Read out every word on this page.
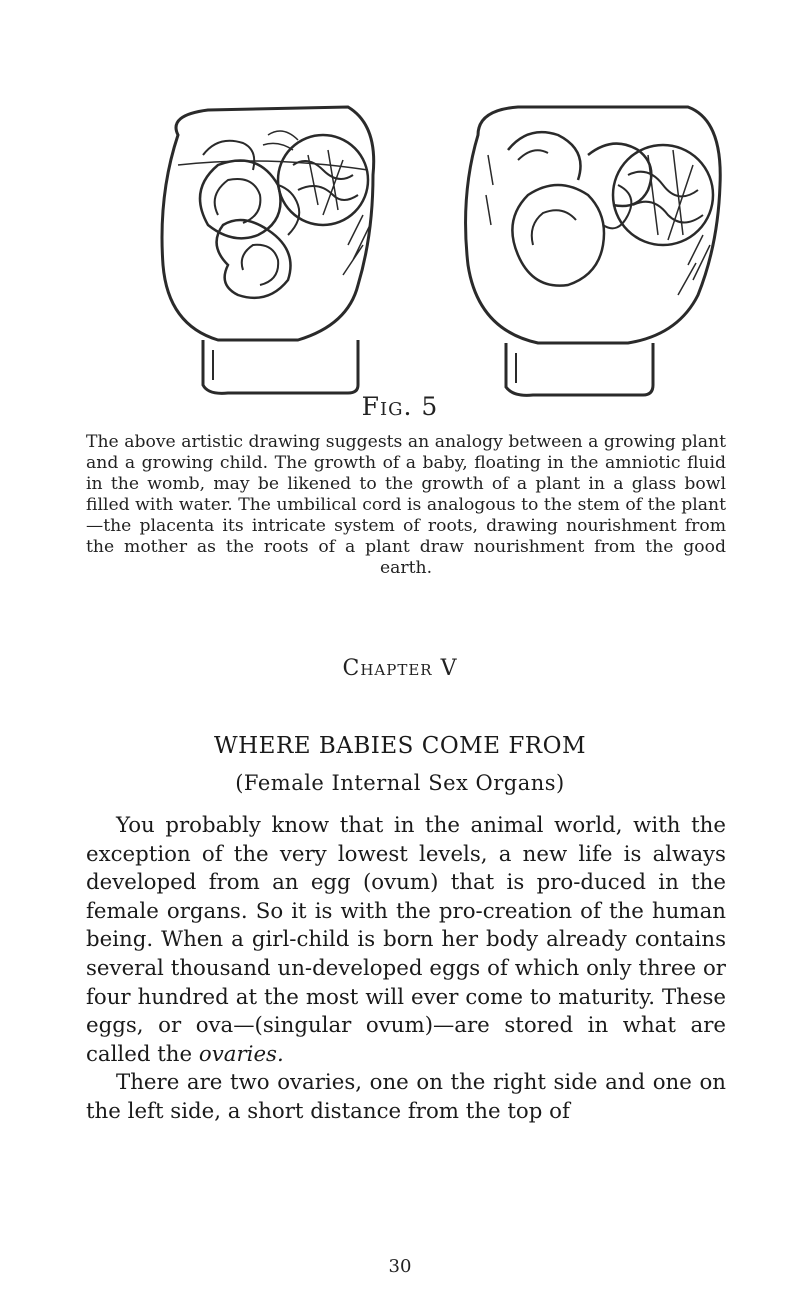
Fig. 5

The above artistic drawing suggests an analogy between a growing plant and a growing child. The growth of a baby, floating in the amniotic fluid in the womb, may be likened to the growth of a plant in a glass bowl filled with water. The umbilical cord is analogous to the stem of the plant—the placenta its intricate system of roots, drawing nourishment from the mother as the roots of a plant draw nourishment from the good earth.

Chapter V
WHERE BABIES COME FROM
(Female Internal Sex Organs)

You probably know that in the animal world, with the exception of the very lowest levels, a new life is always developed from an egg (ovum) that is pro-duced in the female organs. So it is with the pro-creation of the human being. When a girl-child is born her body already contains several thousand un-developed eggs of which only three or four hundred at the most will ever come to maturity. These eggs, or ova—(singular ovum)—are stored in what are called the ovaries.

There are two ovaries, one on the right side and one on the left side, a short distance from the top of

30
